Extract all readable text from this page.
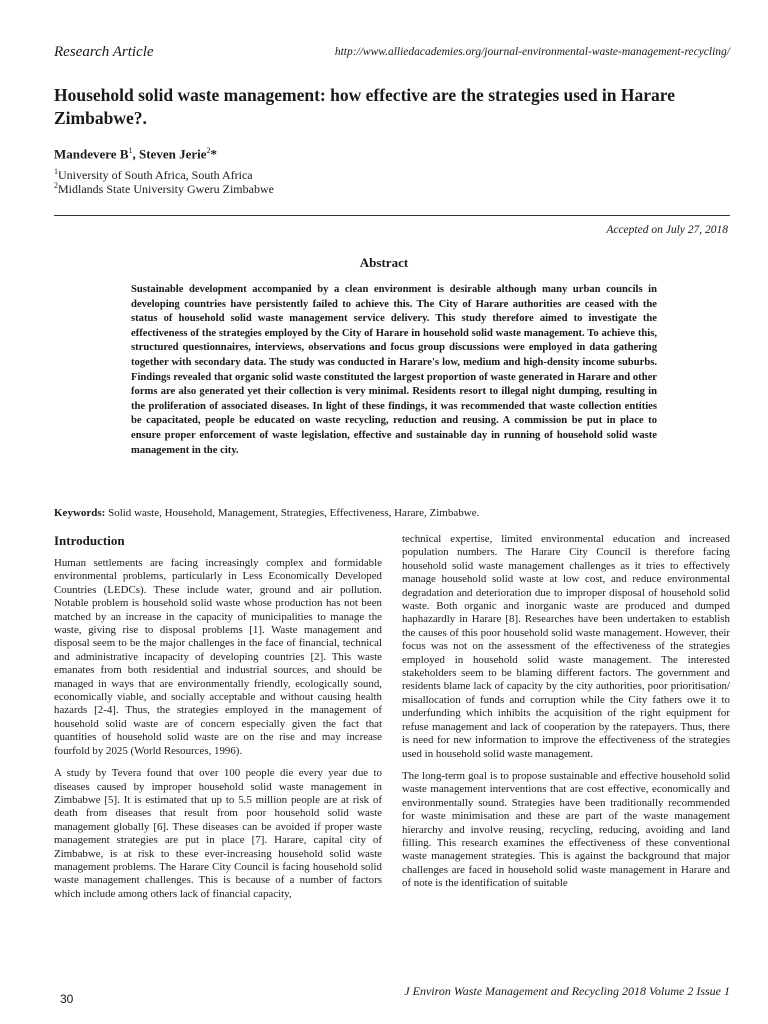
Research Article	http://www.alliedacademies.org/journal-environmental-waste-management-recycling/
Household solid waste management: how effective are the strategies used in Harare Zimbabwe?.
Mandevere $B^1$, Steven Jerie$^2$*
$^1$University of South Africa, South Africa
$^2$Midlands State University Gweru Zimbabwe
Accepted on July 27, 2018
Abstract

Sustainable development accompanied by a clean environment is desirable although many urban councils in developing countries have persistently failed to achieve this. The City of Harare authorities are ceased with the status of household solid waste management service delivery. This study therefore aimed to investigate the effectiveness of the strategies employed by the City of Harare in household solid waste management. To achieve this, structured questionnaires, interviews, observations and focus group discussions were employed in data gathering together with secondary data. The study was conducted in Harare's low, medium and high-density income suburbs. Findings revealed that organic solid waste constituted the largest proportion of waste generated in Harare and other forms are also generated yet their collection is very minimal. Residents resort to illegal night dumping, resulting in the proliferation of associated diseases. In light of these findings, it was recommended that waste collection entities be capacitated, people be educated on waste recycling, reduction and reusing. A commission be put in place to ensure proper enforcement of waste legislation, effective and sustainable day in running of household solid waste management in the city.

Keywords: Solid waste, Household, Management, Strategies, Effectiveness, Harare, Zimbabwe.
Introduction

Human settlements are facing increasingly complex and formidable environmental problems, particularly in Less Economically Developed Countries (LEDCs). These include water, ground and air pollution. Notable problem is household solid waste whose production has not been matched by an increase in the capacity of municipalities to manage the waste, giving rise to disposal problems [1]. Waste management and disposal seem to be the major challenges in the face of financial, technical and administrative incapacity of developing countries [2]. This waste emanates from both residential and industrial sources, and should be managed in ways that are environmentally friendly, ecologically sound, economically viable, and socially acceptable and without causing health hazards [2-4]. Thus, the strategies employed in the management of household solid waste are of concern especially given the fact that quantities of household solid waste are on the rise and may increase fourfold by 2025 (World Resources, 1996).

A study by Tevera found that over 100 people die every year due to diseases caused by improper household solid waste management in Zimbabwe [5]. It is estimated that up to 5.5 million people are at risk of death from diseases that result from poor household solid waste management globally [6]. These diseases can be avoided if proper waste management strategies are put in place [7]. Harare, capital city of Zimbabwe, is at risk to these ever-increasing household solid waste management problems. The Harare City Council is facing household solid waste management challenges. This is because of a number of factors which include among others lack of financial capacity,

technical expertise, limited environmental education and increased population numbers. The Harare City Council is therefore facing household solid waste management challenges as it tries to effectively manage household solid waste at low cost, and reduce environmental degradation and deterioration due to improper disposal of household solid waste. Both organic and inorganic waste are produced and dumped haphazardly in Harare [8]. Researches have been undertaken to establish the causes of this poor household solid waste management. However, their focus was not on the assessment of the effectiveness of the strategies employed in household solid waste management. The interested stakeholders seem to be blaming different factors. The government and residents blame lack of capacity by the city authorities, poor prioritisation/ misallocation of funds and corruption while the City fathers owe it to underfunding which inhibits the acquisition of the right equipment for refuse management and lack of cooperation by the ratepayers. Thus, there is need for new information to improve the effectiveness of the strategies used in household solid waste management.

The long-term goal is to propose sustainable and effective household solid waste management interventions that are cost effective, economically and environmentally sound. Strategies have been traditionally recommended for waste minimisation and these are part of the waste management hierarchy and involve reusing, recycling, reducing, avoiding and land filling. This research examines the effectiveness of these conventional waste management strategies. This is against the background that major challenges are faced in household solid waste management in Harare and of note is the identification of suitable

30
J Environ Waste Management and Recycling 2018 Volume 2 Issue 1
